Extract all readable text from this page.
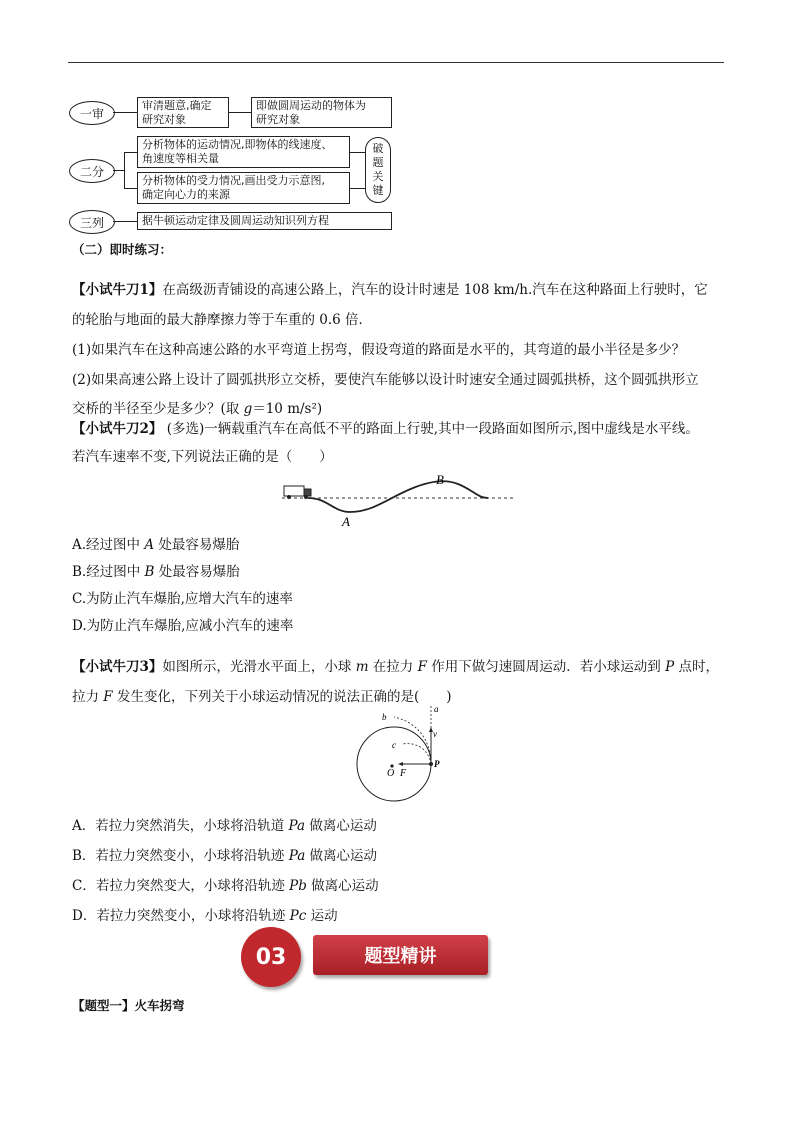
一审
二分
三列
审清题意,确定
研究对象
即做圆周运动的物体为
研究对象
分析物体的运动情况,即物体的线速度、
角速度等相关量
分析物体的受力情况,画出受力示意图,
确定向心力的来源
破
题
关
键
据牛顿运动定律及圆周运动知识列方程
（二）即时练习：
【小试牛刀1】在高级沥青铺设的高速公路上，汽车的设计时速是 108 km/h.汽车在这种路面上行驶时，它
的轮胎与地面的最大静摩擦力等于车重的 0.6 倍．
(1)如果汽车在这种高速公路的水平弯道上拐弯，假设弯道的路面是水平的，其弯道的最小半径是多少？
(2)如果高速公路上设计了圆弧拱形立交桥，要使汽车能够以设计时速安全通过圆弧拱桥，这个圆弧拱形立
交桥的半径至少是多少？(取 g＝10 m/s²)
【小试牛刀2】 (多选)一辆载重汽车在高低不平的路面上行驶,其中一段路面如图所示,图中虚线是水平线。
若汽车速率不变,下列说法正确的是（　　）
A
B
A.经过图中 A 处最容易爆胎
B.经过图中 B 处最容易爆胎
C.为防止汽车爆胎,应增大汽车的速率
D.为防止汽车爆胎,应减小汽车的速率
【小试牛刀3】如图所示，光滑水平面上，小球 m 在拉力 F 作用下做匀速圆周运动．若小球运动到 P 点时，
拉力 F 发生变化，下列关于小球运动情况的说法正确的是(　　)
a
b
c
v
P
O F
A．若拉力突然消失，小球将沿轨道 Pa 做离心运动
B．若拉力突然变小，小球将沿轨迹 Pa 做离心运动
C．若拉力突然变大，小球将沿轨迹 Pb 做离心运动
D．若拉力突然变小，小球将沿轨迹 Pc 运动
题型精讲
03
【题型一】火车拐弯
